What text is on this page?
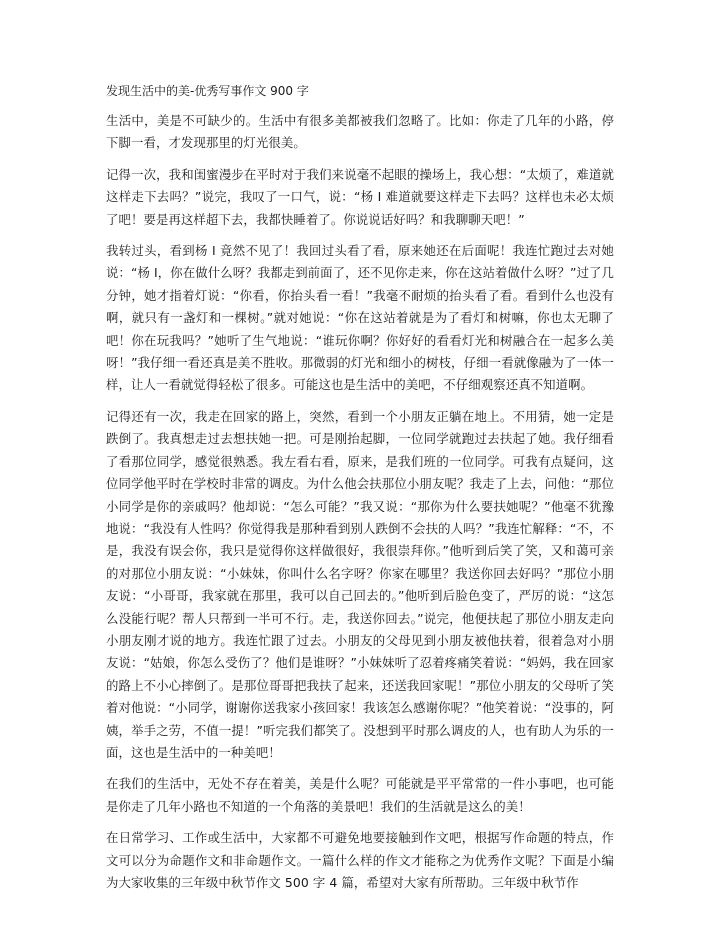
发现生活中的美-优秀写事作文 900 字

生活中，美是不可缺少的。生活中有很多美都被我们忽略了。比如：你走了几年的小路，停下脚一看，才发现那里的灯光很美。

记得一次，我和闺蜜漫步在平时对于我们来说毫不起眼的操场上，我心想：“太烦了，难道就这样走下去吗？”说完，我叹了一口气，说：“杨 I 难道就要这样走下去吗？这样也未必太烦了吧！要是再这样超下去，我都快睡着了。你说说话好吗？和我聊聊天吧！”

我转过头，看到杨 I 竟然不见了！我回过头看了看，原来她还在后面呢！我连忙跑过去对她说：“杨 I，你在做什么呀？我都走到前面了，还不见你走来，你在这站着做什么呀？”过了几分钟，她才指着灯说：“你看，你抬头看一看！”我毫不耐烦的抬头看了看。看到什么也没有啊，就只有一盏灯和一棵树。”就对她说：“你在这站着就是为了看灯和树嘛，你也太无聊了吧！你在玩我吗？”她听了生气地说：“谁玩你啊？你好好的看看灯光和树融合在一起多么美呀！”我仔细一看还真是美不胜收。那微弱的灯光和细小的树枝，仔细一看就像融为了一体一样，让人一看就觉得轻松了很多。可能这也是生活中的美吧，不仔细观察还真不知道啊。

记得还有一次，我走在回家的路上，突然，看到一个小朋友正躺在地上。不用猜，她一定是跌倒了。我真想走过去想扶她一把。可是刚抬起脚，一位同学就跑过去扶起了她。我仔细看了看那位同学，感觉很熟悉。我左看右看，原来，是我们班的一位同学。可我有点疑问，这位同学他平时在学校时非常的调皮。为什么他会扶那位小朋友呢？我走了上去，问他：“那位小同学是你的亲戚吗？他却说：“怎么可能？”我又说：“那你为什么要扶她呢？”他毫不犹豫地说：“我没有人性吗？你觉得我是那种看到别人跌倒不会扶的人吗？”我连忙解释：“不，不是，我没有误会你，我只是觉得你这样做很好，我很崇拜你。”他听到后笑了笑，又和蔼可亲的对那位小朋友说：“小妹妹，你叫什么名字呀？你家在哪里？我送你回去好吗？”那位小朋友说：“小哥哥，我家就在那里，我可以自己回去的。”他听到后脸色变了，严厉的说：“这怎么没能行呢？帮人只帮到一半可不行。走，我送你回去。”说完，他便扶起了那位小朋友走向小朋友刚才说的地方。我连忙跟了过去。小朋友的父母见到小朋友被他扶着，很着急对小朋友说：“姑娘，你怎么受伤了？他们是谁呀？”小妹妹听了忍着疼痛笑着说：“妈妈，我在回家的路上不小心摔倒了。是那位哥哥把我扶了起来，还送我回家呢！”那位小朋友的父母听了笑着对他说：“小同学，谢谢你送我家小孩回家！我该怎么感谢你呢？”他笑着说：“没事的，阿姨，举手之劳，不值一提！”听完我们都笑了。没想到平时那么调皮的人，也有助人为乐的一面，这也是生活中的一种美吧！

在我们的生活中，无处不存在着美，美是什么呢？可能就是平平常常的一件小事吧，也可能是你走了几年小路也不知道的一个角落的美景吧！我们的生活就是这么的美！

在日常学习、工作或生活中，大家都不可避免地要接触到作文吧，根据写作命题的特点，作文可以分为命题作文和非命题作文。一篇什么样的作文才能称之为优秀作文呢？下面是小编为大家收集的三年级中秋节作文 500 字 4 篇，希望对大家有所帮助。三年级中秋节作
